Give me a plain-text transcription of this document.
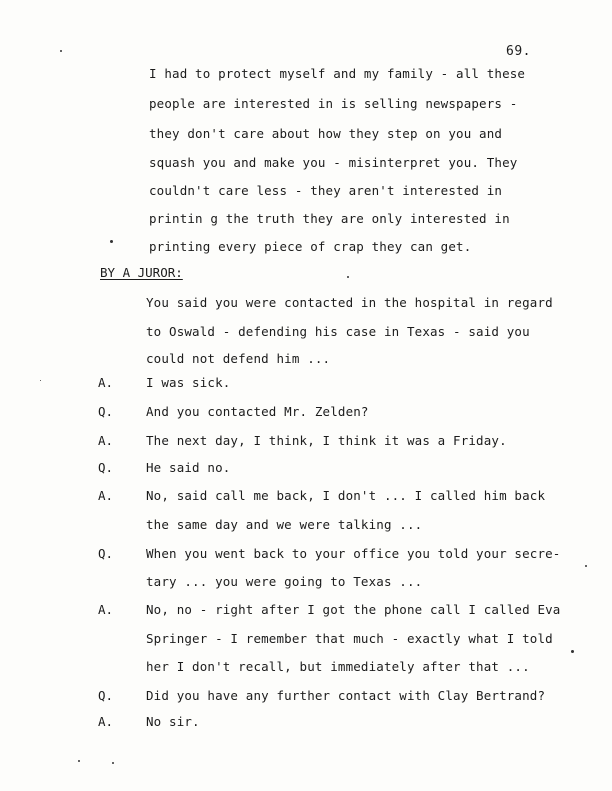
69.
I had to protect myself and my family - all these
people are interested in is selling newspapers -
they don't care about how they step on you and
squash you and make you - misinterpret you. They
couldn't care less - they aren't interested in
printin g the truth they are only interested in
printing every piece of crap they can get.
BY A JUROR:
You said you were contacted in the hospital in regard
to Oswald - defending his case in Texas - said you
could not defend him ...
A.	I was sick.
Q.	And you contacted Mr. Zelden?
A.	The next day, I think, I think it was a Friday.
Q.	He said no.
A.	No, said call me back, I don't ... I called him back
the same day and we were talking ...
Q.	When you went back to your office you told your secre-
tary ... you were going to Texas ...
A.	No, no - right after I got the phone call I called Eva
Springer - I remember that much - exactly what I told
her I don't recall, but immediately after that ...
Q.	Did you have any further contact with Clay Bertrand?
A.	No sir.
